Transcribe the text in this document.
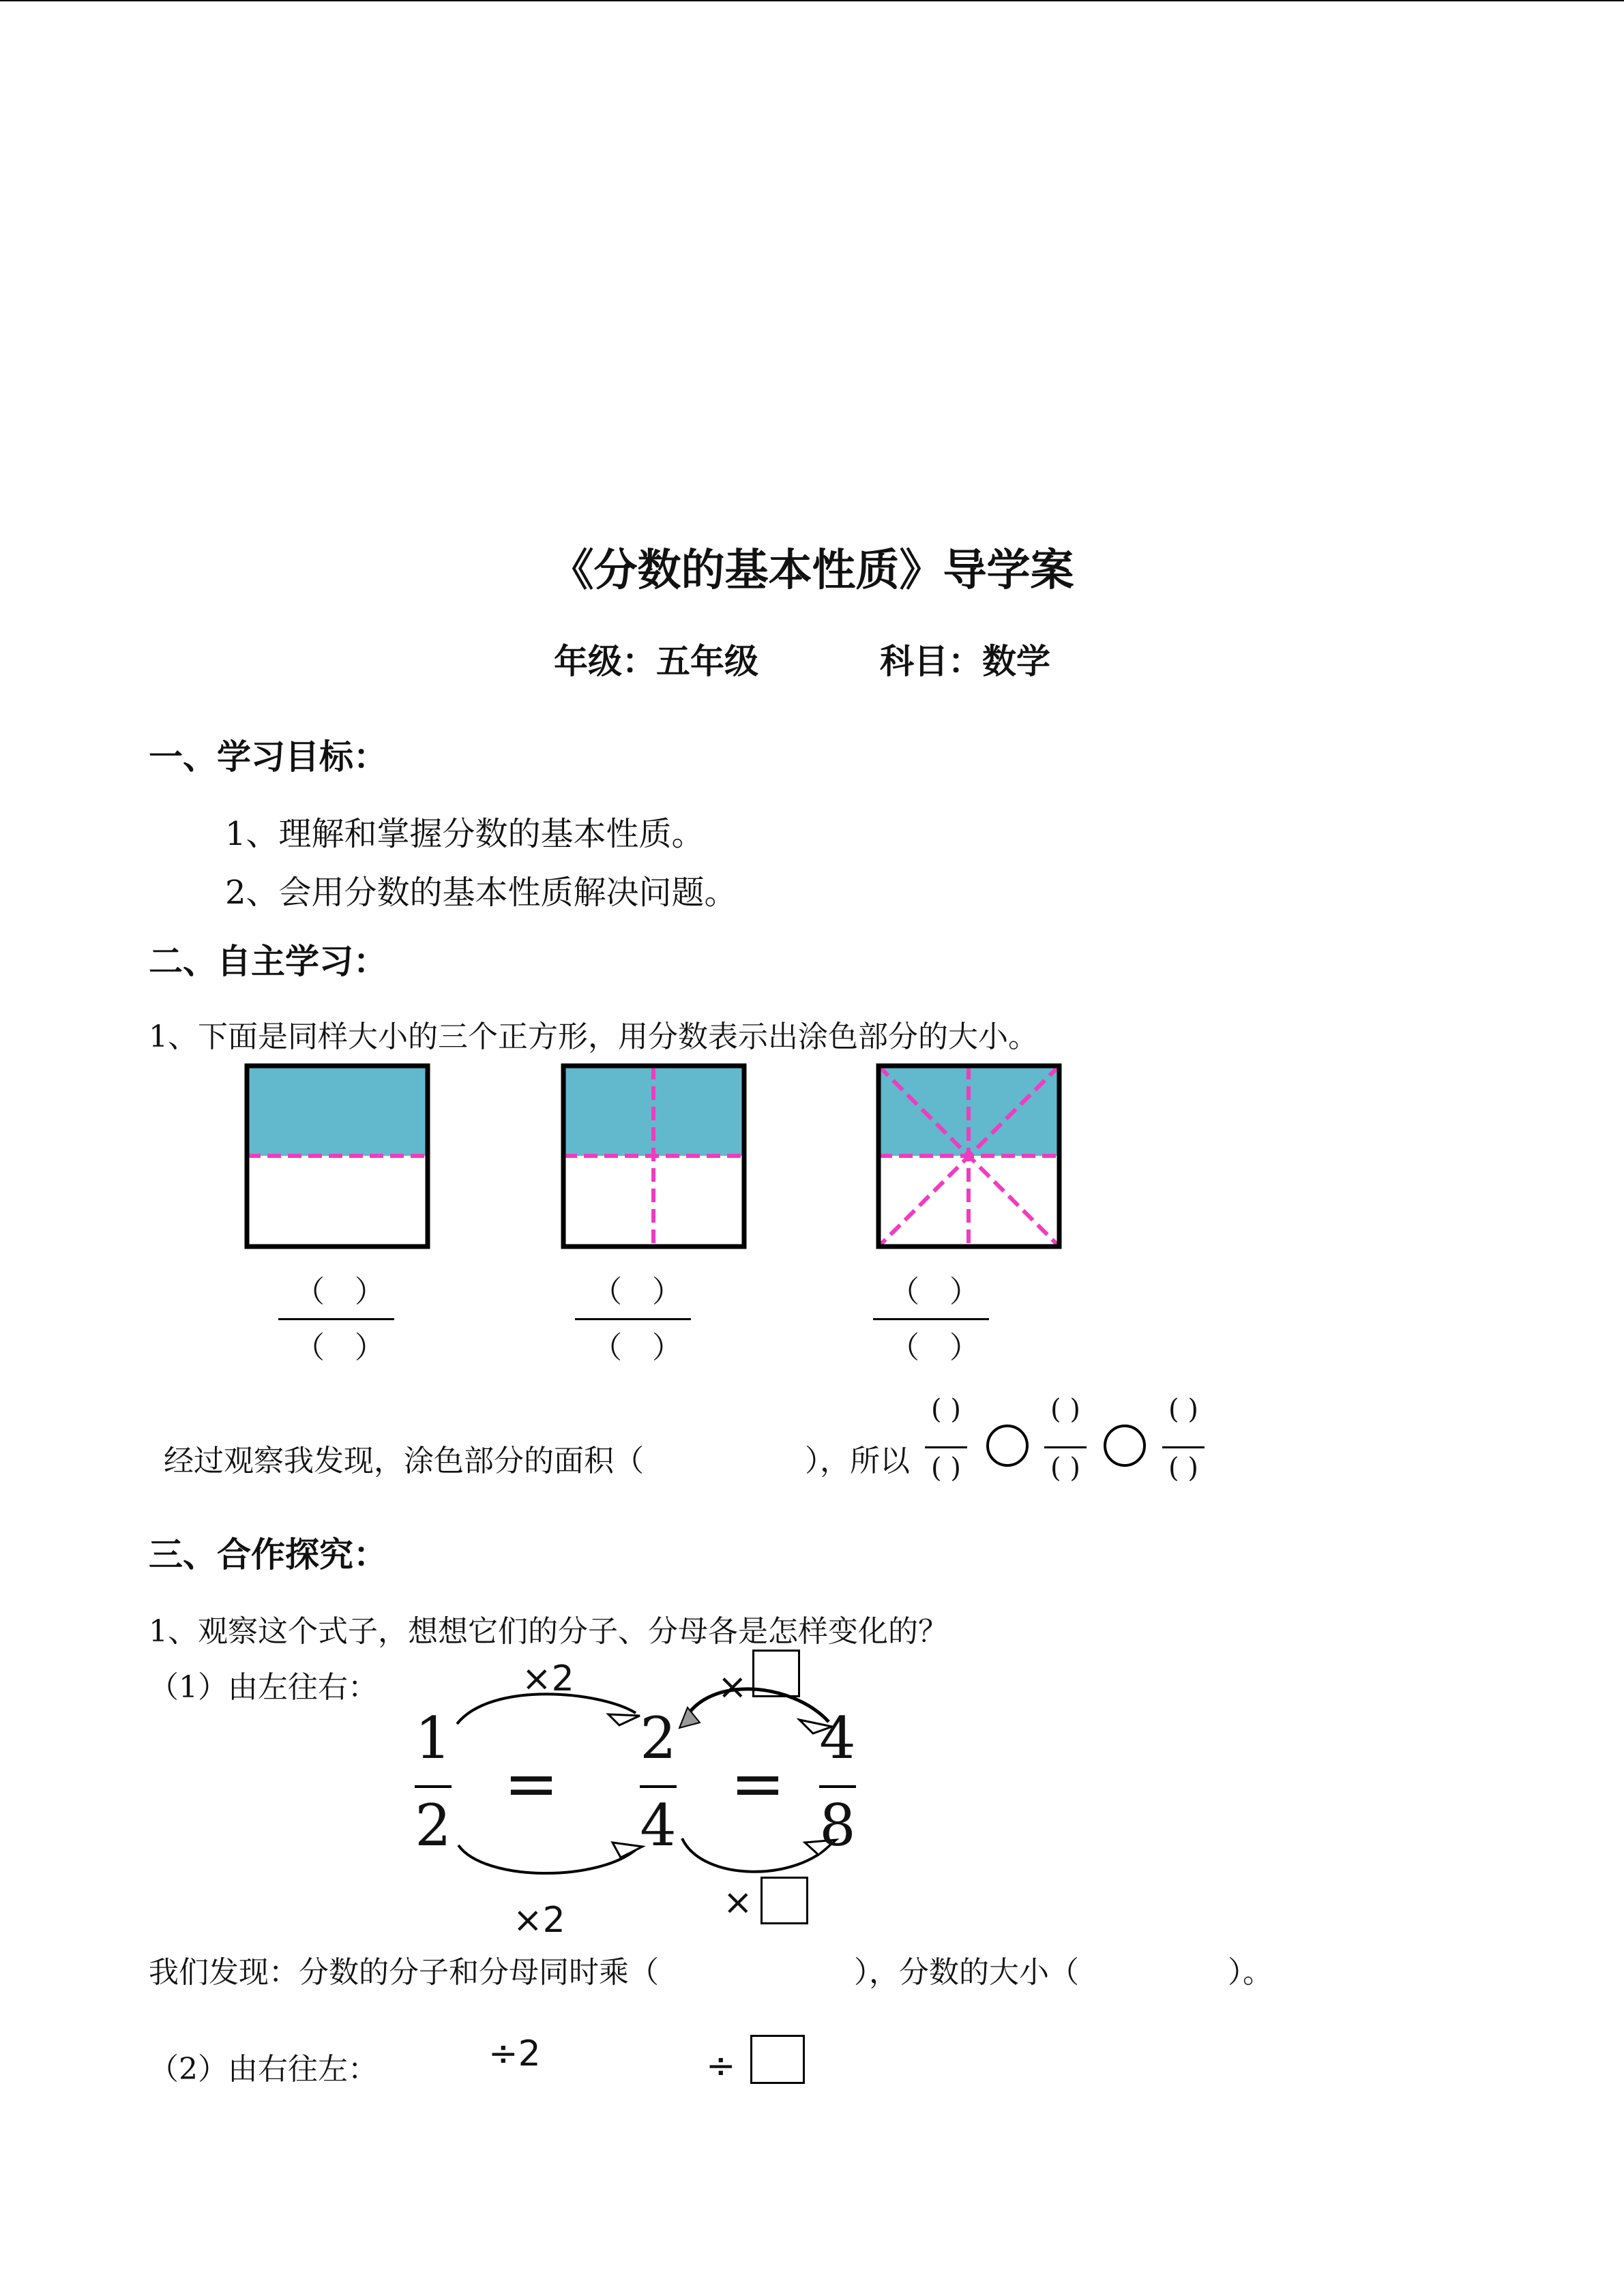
《分数的基本性质》导学案
年级：五年级	科目：数学
一、学习目标：
1、理解和掌握分数的基本性质。
2、会用分数的基本性质解决问题。
二、自主学习：
1、下面是同样大小的三个正方形，用分数表示出涂色部分的大小。
（　）
（　）
（　）
（　）
（　）
（　）
经过观察我发现，涂色部分的面积（	），所以
( )
( )
( )
( )
( )
( )
三、合作探究：
1、观察这个式子，想想它们的分子、分母各是怎样变化的？
（1）由左往右：	×2	×
1
2
=
2
4
=
4
8
×
×2
我们发现：分数的分子和分母同时乘（	），分数的大小（	）。
（2）由右往左：	÷2	÷
